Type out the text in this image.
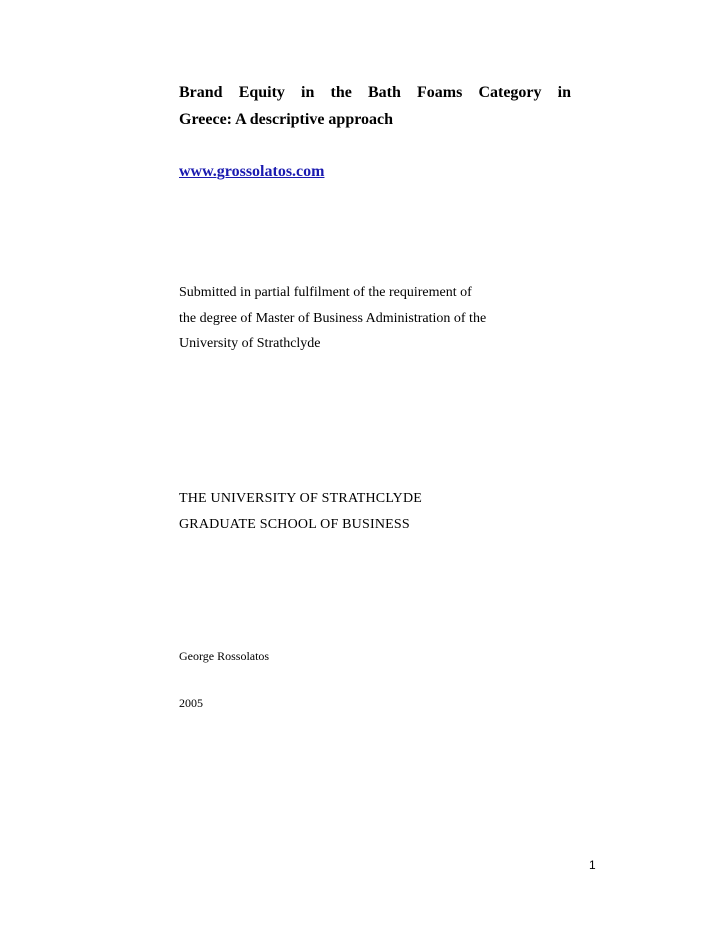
Brand Equity in the Bath Foams Category in
Greece: A descriptive approach
www.grossolatos.com
Submitted in partial fulfilment of the requirement of
the degree of Master of Business Administration of the
University of Strathclyde
THE UNIVERSITY OF STRATHCLYDE
GRADUATE SCHOOL OF BUSINESS
George Rossolatos
2005
1
